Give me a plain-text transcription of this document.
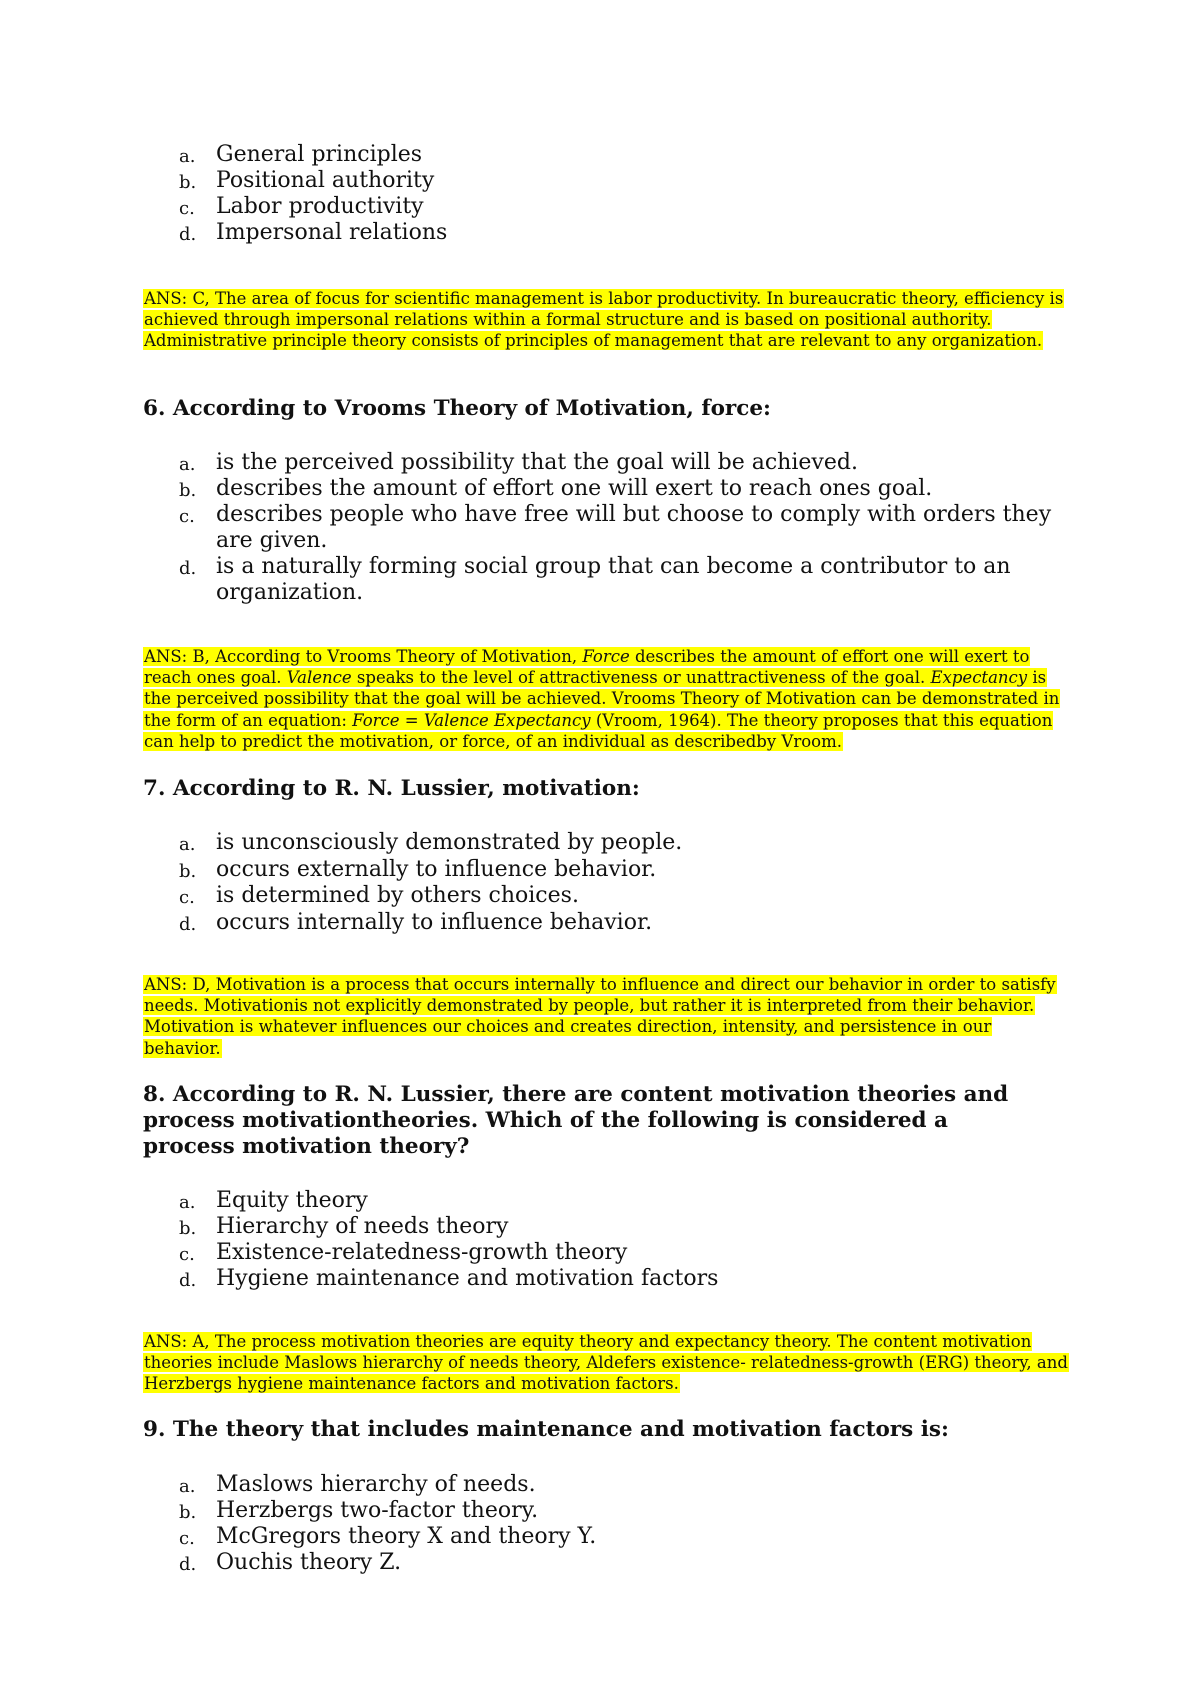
a. General principles
b. Positional authority
c. Labor productivity
d. Impersonal relations
ANS: C, The area of focus for scientific management is labor productivity. In bureaucratic theory, efficiency is achieved through impersonal relations within a formal structure and is based on positional authority. Administrative principle theory consists of principles of management that are relevant to any organization.
6. According to Vrooms Theory of Motivation, force:
a. is the perceived possibility that the goal will be achieved.
b. describes the amount of effort one will exert to reach ones goal.
c. describes people who have free will but choose to comply with orders they are given.
d. is a naturally forming social group that can become a contributor to an organization.
ANS: B, According to Vrooms Theory of Motivation, Force describes the amount of effort one will exert to reach ones goal. Valence speaks to the level of attractiveness or unattractiveness of the goal. Expectancy is the perceived possibility that the goal will be achieved. Vrooms Theory of Motivation can be demonstrated in the form of an equation: Force = Valence Expectancy (Vroom, 1964). The theory proposes that this equation can help to predict the motivation, or force, of an individual as describedby Vroom.
7. According to R. N. Lussier, motivation:
a. is unconsciously demonstrated by people.
b. occurs externally to influence behavior.
c. is determined by others choices.
d. occurs internally to influence behavior.
ANS: D, Motivation is a process that occurs internally to influence and direct our behavior in order to satisfy needs. Motivationis not explicitly demonstrated by people, but rather it is interpreted from their behavior. Motivation is whatever influences our choices and creates direction, intensity, and persistence in our behavior.
8. According to R. N. Lussier, there are content motivation theories and process motivationtheories. Which of the following is considered a process motivation theory?
a. Equity theory
b. Hierarchy of needs theory
c. Existence-relatedness-growth theory
d. Hygiene maintenance and motivation factors
ANS: A, The process motivation theories are equity theory and expectancy theory. The content motivation theories include Maslows hierarchy of needs theory, Aldefers existence- relatedness-growth (ERG) theory, and Herzbergs hygiene maintenance factors and motivation factors.
9. The theory that includes maintenance and motivation factors is:
a. Maslows hierarchy of needs.
b. Herzbergs two-factor theory.
c. McGregors theory X and theory Y.
d. Ouchis theory Z.
